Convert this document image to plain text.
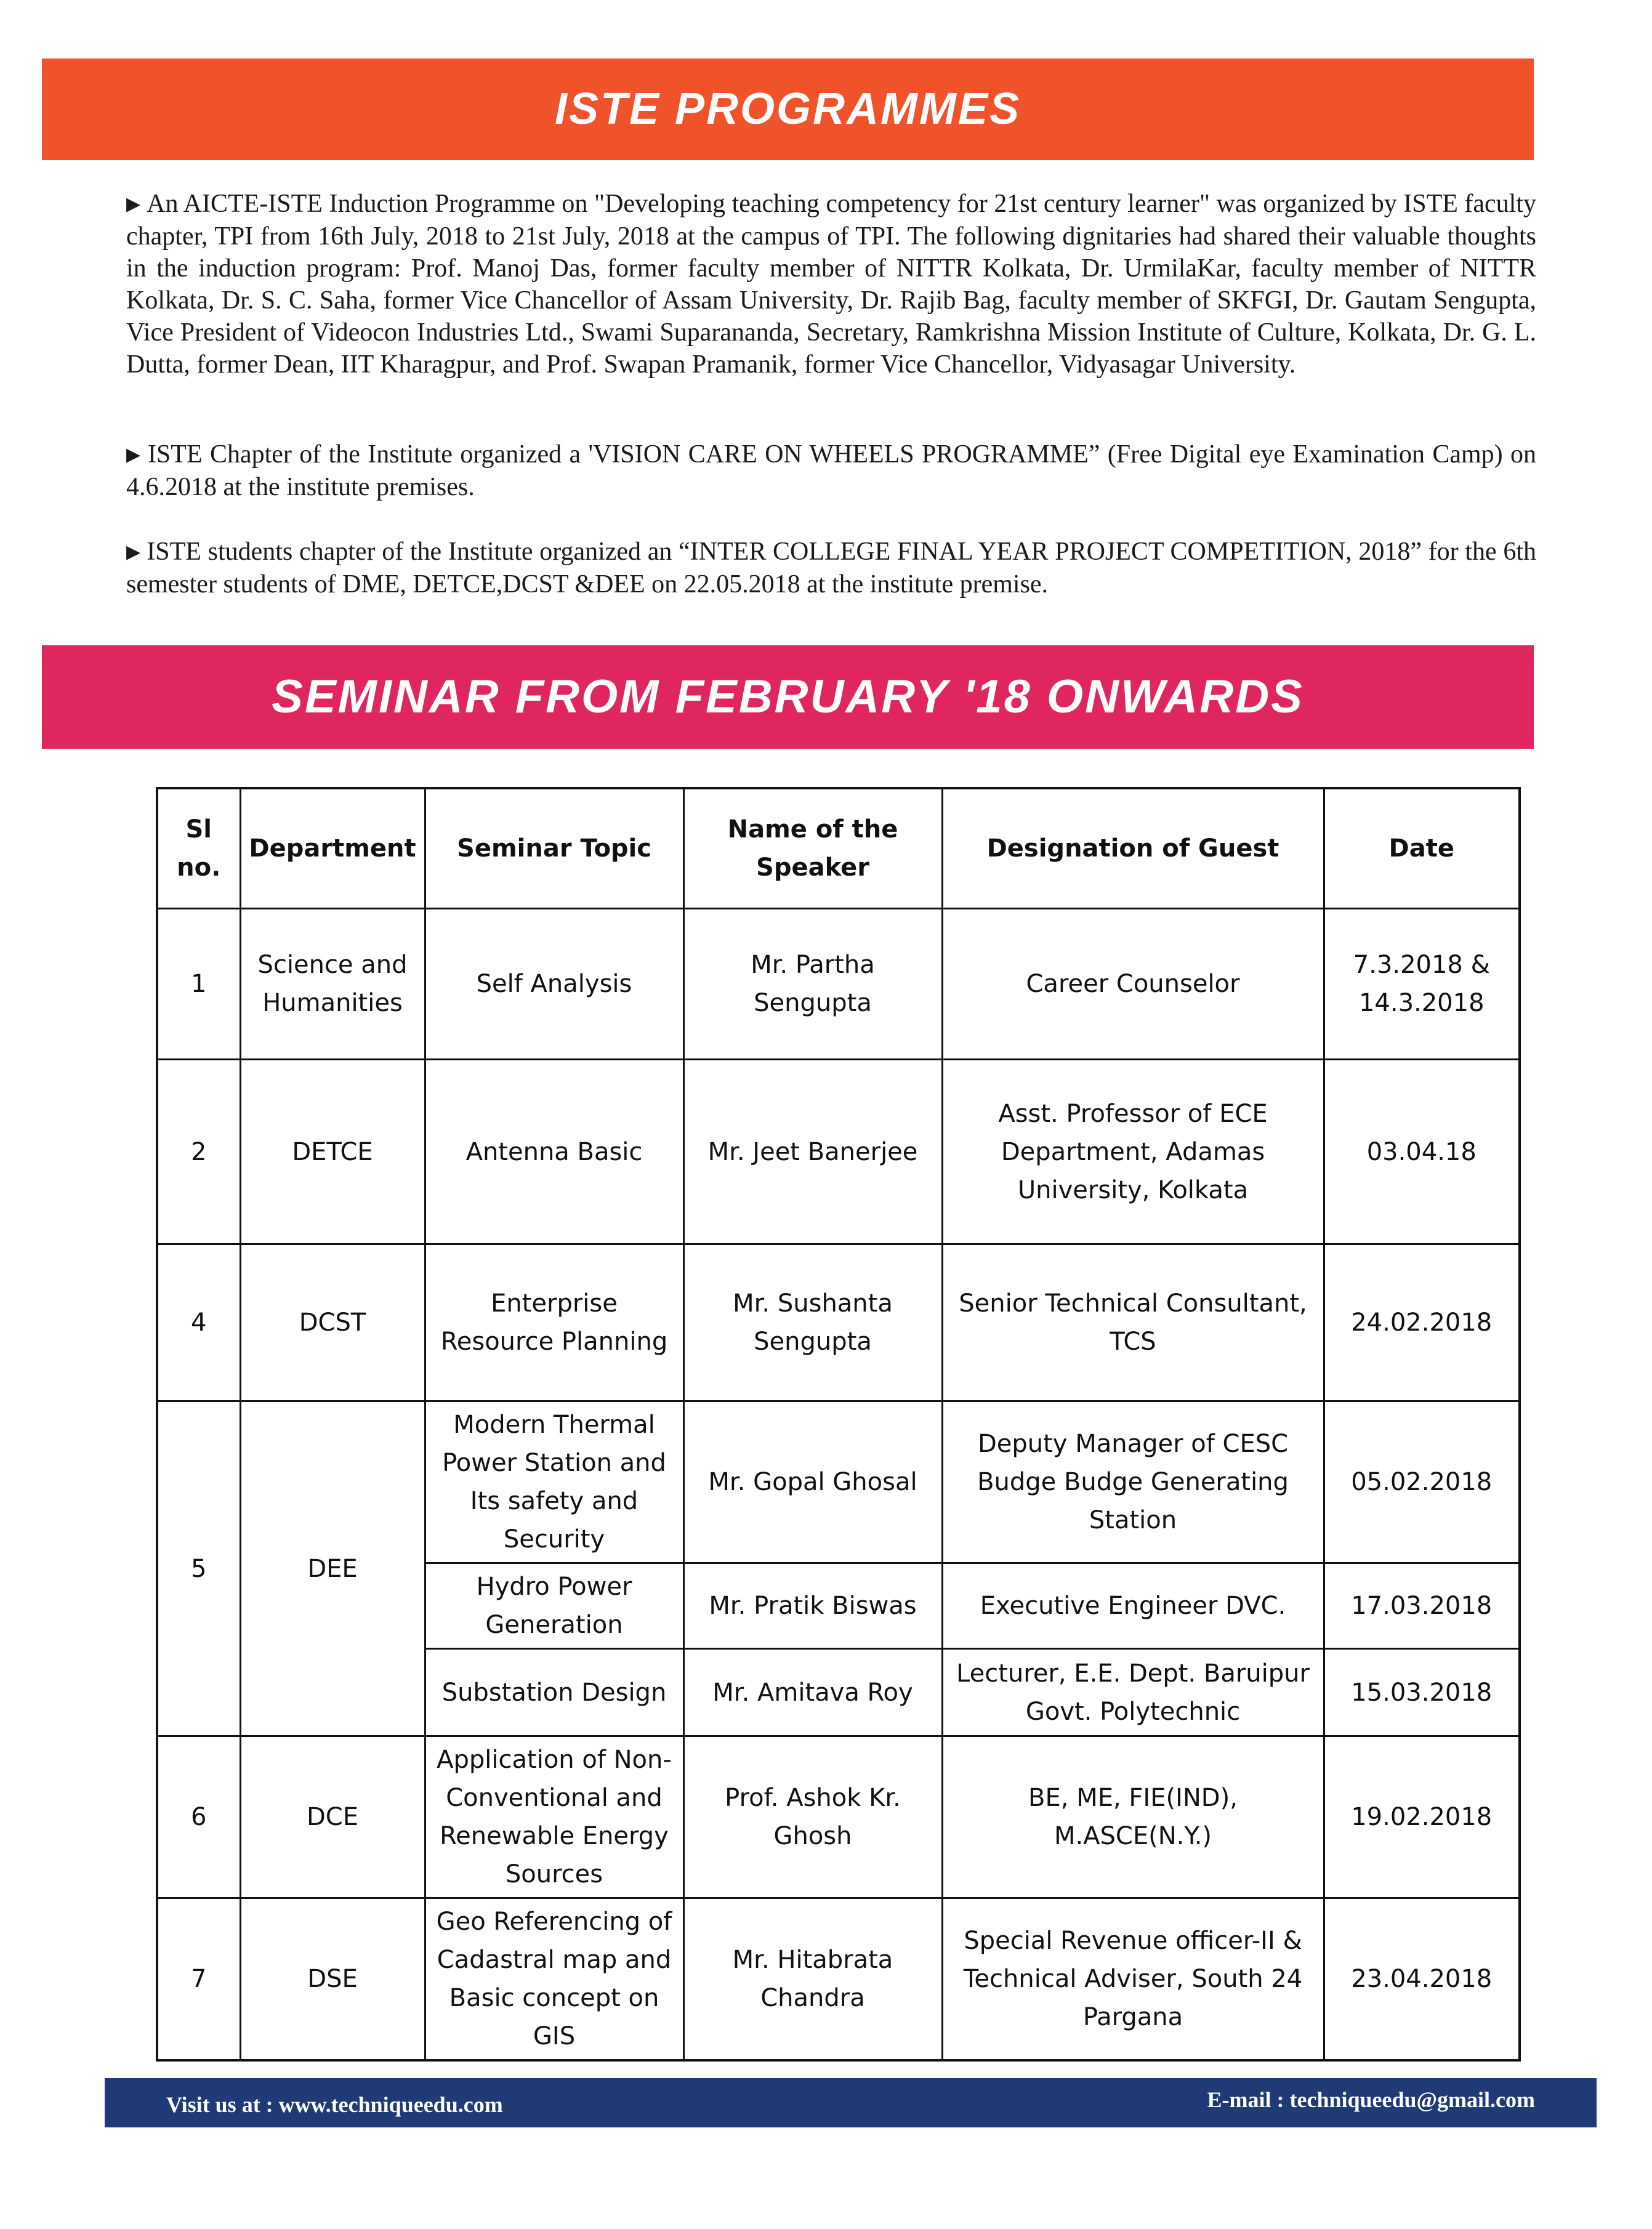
ISTE PROGRAMMES
▶ An AICTE-ISTE Induction Programme on "Developing teaching competency for 21st century learner" was organized by ISTE faculty chapter, TPI from 16th July, 2018 to 21st July, 2018 at the campus of TPI. The following dignitaries had shared their valuable thoughts in the induction program: Prof. Manoj Das, former faculty member of NITTR Kolkata, Dr. UrmilaKar, faculty member of NITTR Kolkata, Dr. S. C. Saha, former Vice Chancellor of Assam University, Dr. Rajib Bag, faculty member of SKFGI, Dr. Gautam Sengupta, Vice President of Videocon Industries Ltd., Swami Suparananda, Secretary, Ramkrishna Mission Institute of Culture, Kolkata, Dr. G. L. Dutta, former Dean, IIT Kharagpur, and Prof. Swapan Pramanik, former Vice Chancellor, Vidyasagar University.
▶ ISTE Chapter of the Institute organized a 'VISION CARE ON WHEELS PROGRAMME” (Free Digital eye Examination Camp) on 4.6.2018 at the institute premises.
▶ ISTE students chapter of the Institute organized an “INTER COLLEGE FINAL YEAR PROJECT COMPETITION, 2018” for the 6th semester students of DME, DETCE,DCST &DEE on 22.05.2018 at the institute premise.
SEMINAR FROM FEBRUARY '18 ONWARDS
Sl no.	Department	Seminar Topic	Name of the Speaker	Designation of Guest	Date
1	Science and Humanities	Self Analysis	Mr. Partha Sengupta	Career Counselor	7.3.2018 & 14.3.2018
2	DETCE	Antenna Basic	Mr. Jeet Banerjee	Asst. Professor of ECE Department, Adamas University, Kolkata	03.04.18
4	DCST	Enterprise Resource Planning	Mr. Sushanta Sengupta	Senior Technical Consultant, TCS	24.02.2018
5	DEE	Modern Thermal Power Station and Its safety and Security	Mr. Gopal Ghosal	Deputy Manager of CESC Budge Budge Generating Station	05.02.2018
		Hydro Power Generation	Mr. Pratik Biswas	Executive Engineer DVC.	17.03.2018
		Substation Design	Mr. Amitava Roy	Lecturer, E.E. Dept. Baruipur Govt. Polytechnic	15.03.2018
6	DCE	Application of Non-Conventional and Renewable Energy Sources	Prof. Ashok Kr. Ghosh	BE, ME, FIE(IND), M.ASCE(N.Y.)	19.02.2018
7	DSE	Geo Referencing of Cadastral map and Basic concept on GIS	Mr. Hitabrata Chandra	Special Revenue officer-II & Technical Adviser, South 24 Pargana	23.04.2018
Visit us at : www.techniqueedu.com	E-mail : techniqueedu@gmail.com
